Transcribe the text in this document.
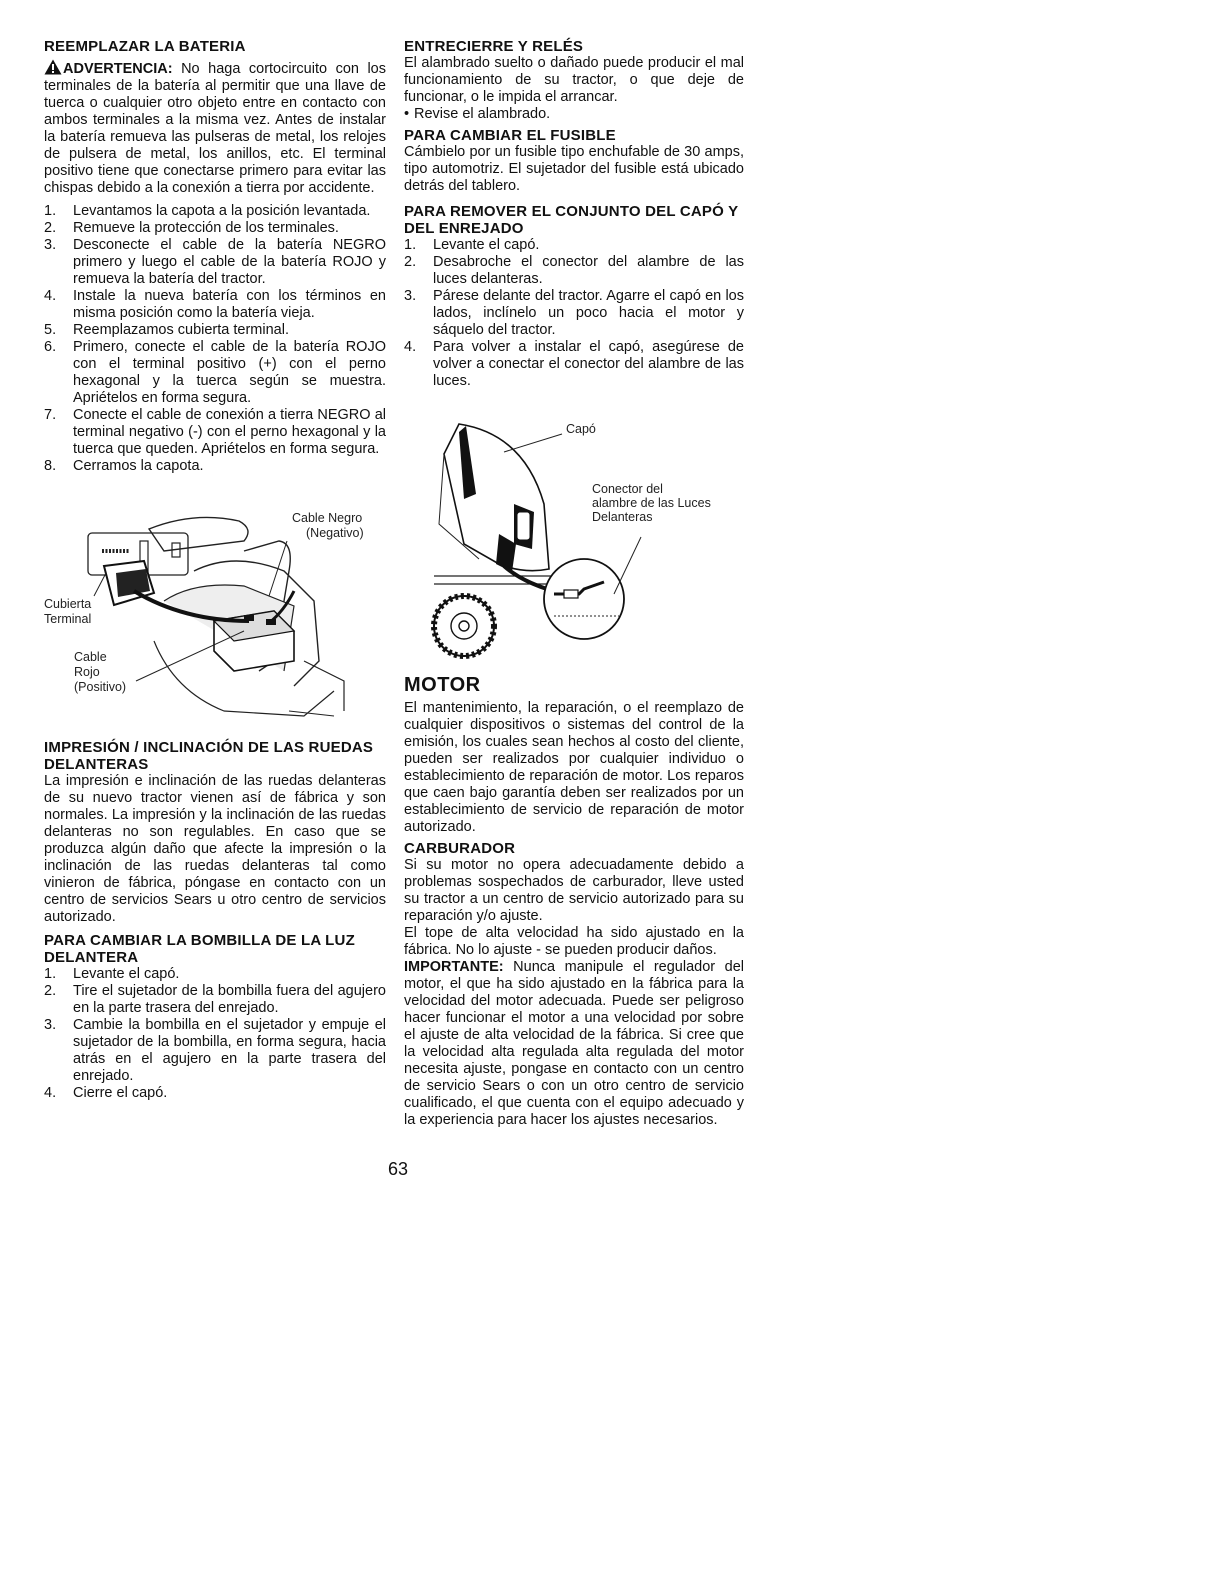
REEMPLAZAR LA BATERIA

ADVERTENCIA: No haga cortocircuito con los terminales de la batería al permitir que una llave de tuerca o cualquier otro objeto entre en contacto con ambos terminales a la misma vez. Antes de instalar la batería remueva las pulseras de metal, los relojes de pulsera de metal, los anillos, etc. El terminal positivo tiene que conectarse primero para evitar las chispas debido a la conexión a tierra por accidente.

1. Levantamos la capota a la posición levantada.
2. Remueve la protección de los terminales.
3. Desconecte el cable de la batería NEGRO primero y luego el cable de la batería ROJO y remueva la batería del tractor.
4. Instale la nueva batería con los términos en misma posición como la batería vieja.
5. Reemplazamos cubierta terminal.
6. Primero, conecte el cable de la batería ROJO con el terminal positivo (+) con el perno hexagonal y la tuerca según se muestra. Apriételos en forma segura.
7. Conecte el cable de conexión a tierra NEGRO al terminal negativo (-) con el perno hexagonal y la tuerca que queden. Apriételos en forma segura.
8. Cerramos la capota.
Cable Negro
(Negativo)
Cubierta
Terminal
Cable
Rojo
(Positivo)
IMPRESIÓN / INCLINACIÓN DE LAS RUEDAS DELANTERAS

La impresión e inclinación de las ruedas delanteras de su nuevo tractor vienen así de fábrica y son normales. La impresión y la inclinación de las ruedas delanteras no son regulables. En caso que se produzca algún daño que afecte la impresión o la inclinación de las ruedas delanteras tal como vinieron de fábrica, póngase en contacto con un centro de servicios Sears u otro centro de servicios autorizado.

PARA CAMBIAR LA BOMBILLA DE LA LUZ DELANTERA
1. Levante el capó.
2. Tire el sujetador de la bombilla fuera del agujero en la parte trasera del enrejado.
3. Cambie la bombilla en el sujetador y empuje el sujetador de la bombilla, en forma segura, hacia atrás en el agujero en la parte trasera del enrejado.
4. Cierre el capó.
ENTRECIERRE Y RELÉS

El alambrado suelto o dañado puede producir el mal funcionamiento de su tractor, o que deje de funcionar, o le impida el arrancar.

• Revise el alambrado.

PARA CAMBIAR EL FUSIBLE

Cámbielo por un fusible tipo enchufable de 30 amps, tipo automotriz. El sujetador del fusible está ubicado detrás del tablero.

PARA REMOVER EL CONJUNTO DEL CAPÓ Y DEL ENREJADO
1. Levante el capó.
2. Desabroche el conector del alambre de las luces delanteras.
3. Párese delante del tractor. Agarre el capó en los lados, inclínelo un poco hacia el motor y sáquelo del tractor.
4. Para volver a instalar el capó, asegúrese de volver a conectar el conector del alambre de las luces.
Capó
Conector del
alambre de las Luces
Delanteras
MOTOR

El mantenimiento, la reparación, o el reemplazo de cualquier dispositivos o sistemas del control de la emisión, los cuales sean hechos al costo del cliente, pueden ser realizados por cualquier individuo o establecimiento de reparación de motor. Los reparos que caen bajo garantía deben ser realizados por un establecimiento de servicio de reparación de motor autorizado.

CARBURADOR

Si su motor no opera adecuadamente debido a problemas sospechados de carburador, lleve usted su tractor a un centro de servicio autorizado para su reparación y/o ajuste.

El tope de alta velocidad ha sido ajustado en la fábrica. No lo ajuste - se pueden producir daños.

IMPORTANTE: Nunca manipule el regulador del motor, el que ha sido ajustado en la fábrica para la velocidad del motor adecuada. Puede ser peligroso hacer funcionar el motor a una velocidad por sobre el ajuste de alta velocidad de la fábrica. Si cree que la velocidad alta regulada alta regulada del motor necesita ajuste, pongase en contacto con un centro de servicio Sears o con un otro centro de servicio cualificado, el que cuenta con el equipo adecuado y la experiencia para hacer los ajustes necesarios.

63
